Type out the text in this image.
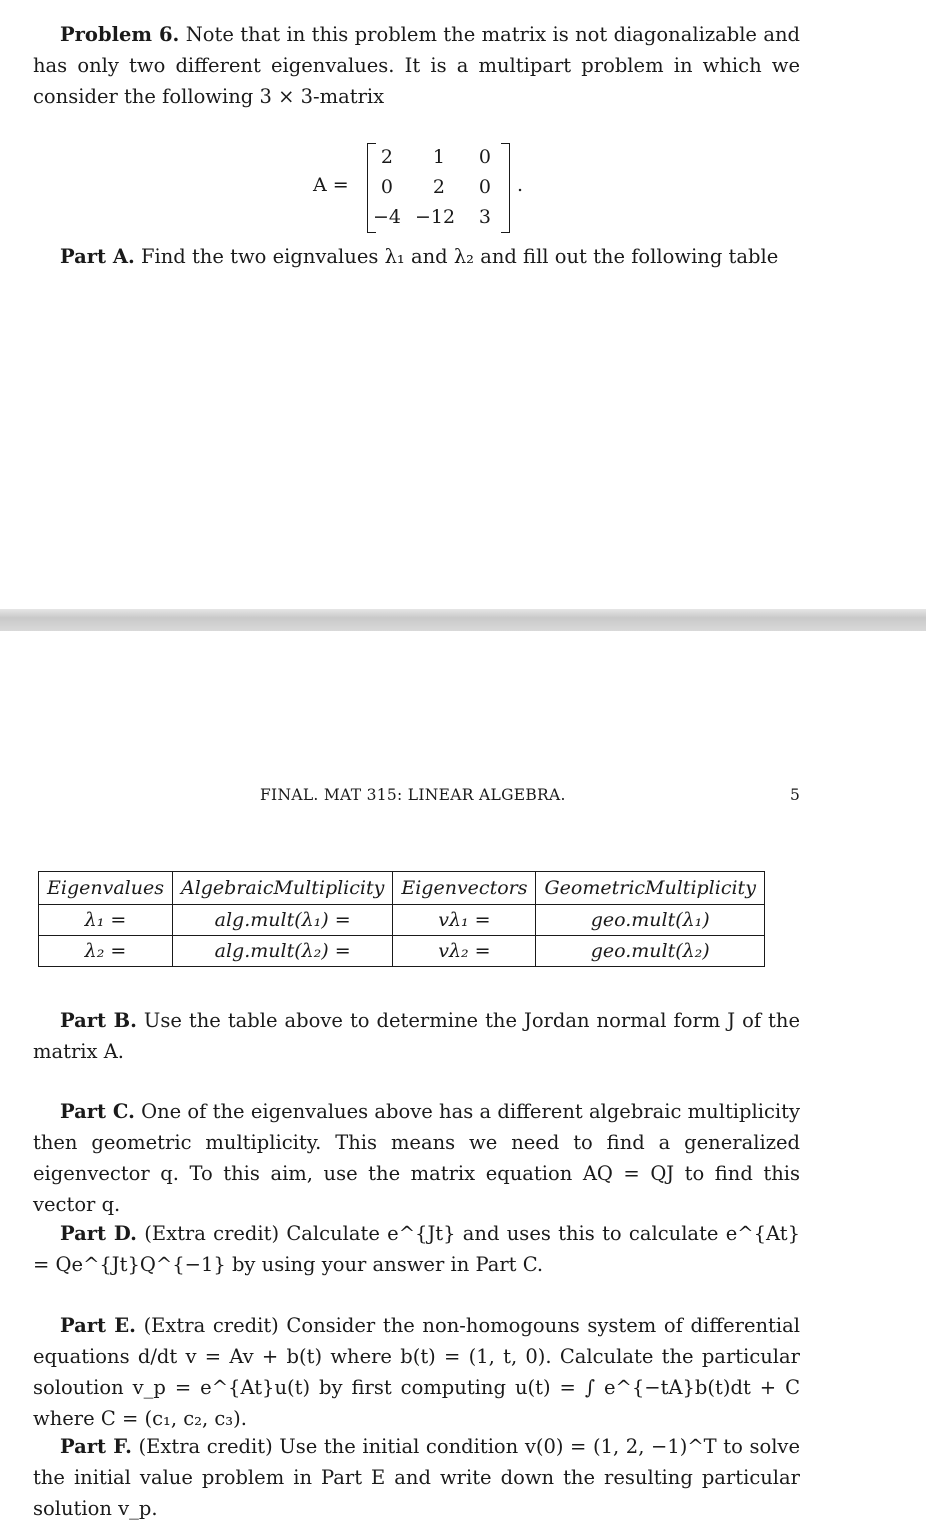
Problem 6. Note that in this problem the matrix is not diagonalizable and has only two different eigenvalues. It is a multipart problem in which we consider the following 3 × 3-matrix

A =
2	1	0
0	2	0
−4 −12	3
.

Part A. Find the two eignvalues λ₁ and λ₂ and fill out the following table

FINAL. MAT 315: LINEAR ALGEBRA.	5
Eigenvalues	AlgebraicMultiplicity	Eigenvectors	GeometricMultiplicity
λ₁ =	alg.mult(λ₁) =	vλ₁ =	geo.mult(λ₁)
λ₂ =	alg.mult(λ₂) =	vλ₂ =	geo.mult(λ₂)

Part B. Use the table above to determine the Jordan normal form J of the matrix A.

Part C. One of the eigenvalues above has a different algebraic multiplicity then geometric multiplicity. This means we need to find a generalized eigenvector q. To this aim, use the matrix equation AQ = QJ to find this vector q.

Part D. (Extra credit) Calculate e^{Jt} and uses this to calculate e^{At} = Qe^{Jt}Q^{−1} by using your answer in Part C.

Part E. (Extra credit) Consider the non-homogouns system of differential equations d/dt v = Av + b(t) where b(t) = (1, t, 0). Calculate the particular soloution v_p = e^{At}u(t) by first computing u(t) = ∫ e^{−tA}b(t)dt + C where C = (c₁, c₂, c₃).

Part F. (Extra credit) Use the initial condition v(0) = (1, 2, −1)^T to solve the initial value problem in Part E and write down the resulting particular solution v_p.
